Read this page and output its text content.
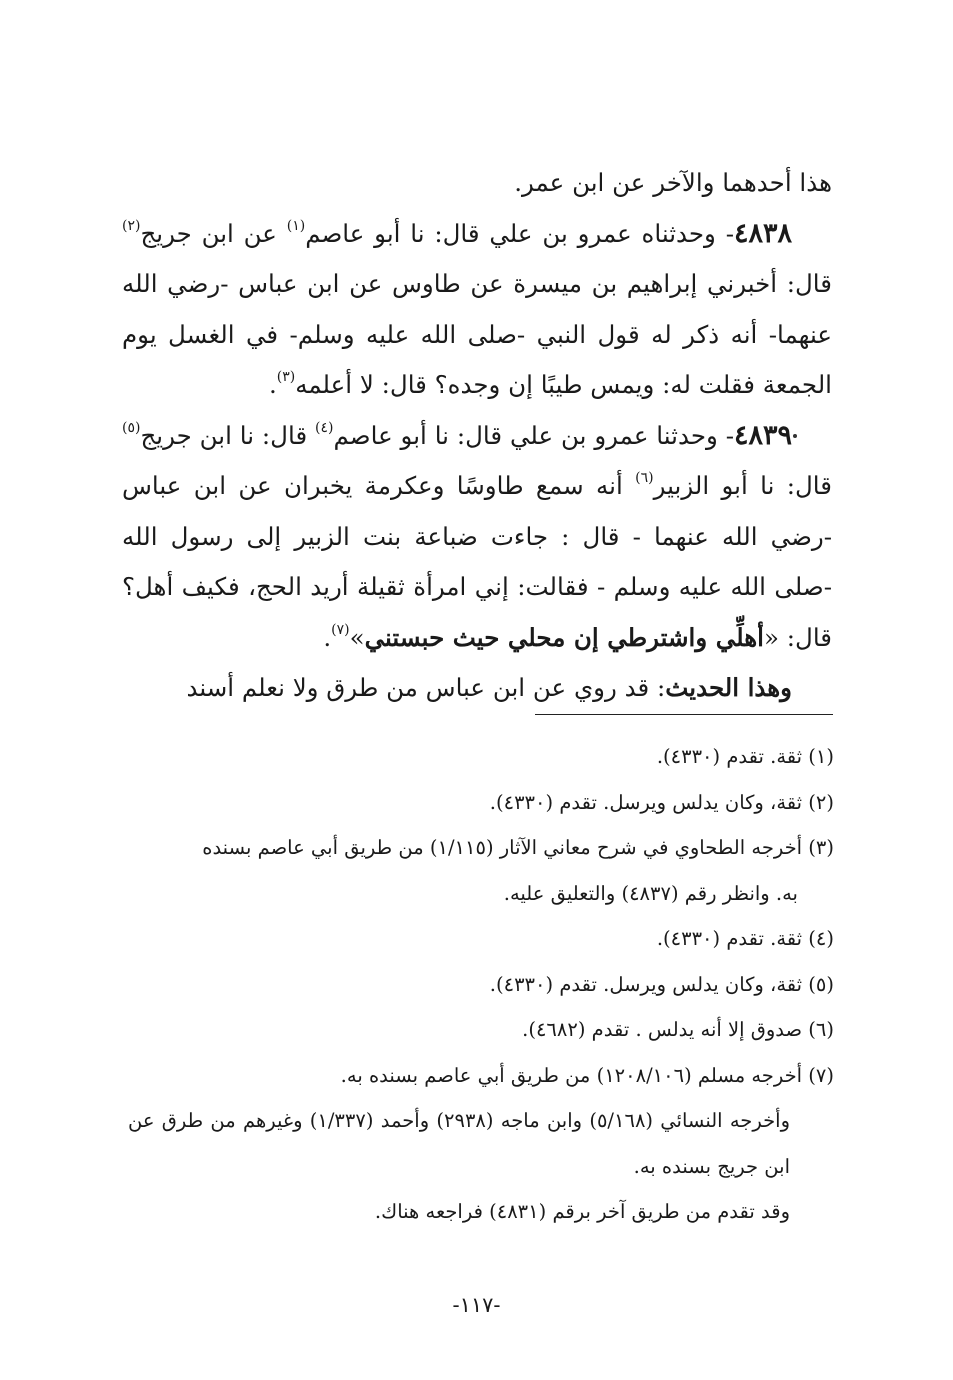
هذا أحدهما والآخر عن ابن عمر.

٤٨٣٨- وحدثناه عمرو بن علي قال: نا أبو عاصم$^{(١)}$ عن ابن جريج$^{(٢)}$ قال: أخبرني إبراهيم بن ميسرة عن طاوس عن ابن عباس -رضي الله عنهما- أنه ذكر له قول النبي -صلى الله عليه وسلم- في الغسل يوم الجمعة فقلت له: ويمس طيبًا إن وجده؟ قال: لا أعلمه$^{(٣)}$.

٤٨٣٩- وحدثنا عمرو بن علي قال: نا أبو عاصم$^{(٤)}$ قال: نا ابن جريج$^{(٥)}$ قال: نا أبو الزبير$^{(٦)}$ أنه سمع طاوسًا وعكرمة يخبران عن ابن عباس -رضي الله عنهما - قال : جاءت ضباعة بنت الزبير إلى رسول الله -صلى الله عليه وسلم - فقالت: إني امرأة ثقيلة أريد الحج، فكيف أهل؟ قال: «أهلِّي واشترطي إن محلي حيث حبستني»$^{(٧)}$.

وهذا الحديث: قد روي عن ابن عباس من طرق ولا نعلم أسند

(١) ثقة. تقدم (٤٣٣٠).

(٢) ثقة، وكان يدلس ويرسل. تقدم (٤٣٣٠).

(٣) أخرجه الطحاوي في شرح معاني الآثار (١/١١٥) من طريق أبي عاصم بسنده
به. وانظر رقم (٤٨٣٧) والتعليق عليه.

(٤) ثقة. تقدم (٤٣٣٠).

(٥) ثقة، وكان يدلس ويرسل. تقدم (٤٣٣٠).

(٦) صدوق إلا أنه يدلس . تقدم (٤٦٨٢).

(٧) أخرجه مسلم (١٢٠٨/١٠٦) من طريق أبي عاصم بسنده به.

وأخرجه النسائي (٥/١٦٨) وابن ماجه (٢٩٣٨) وأحمد (١/٣٣٧) وغيرهم من طرق عن ابن جريج بسنده به.

وقد تقدم من طريق آخر برقم (٤٨٣١) فراجعه هناك.

-١١٧-
